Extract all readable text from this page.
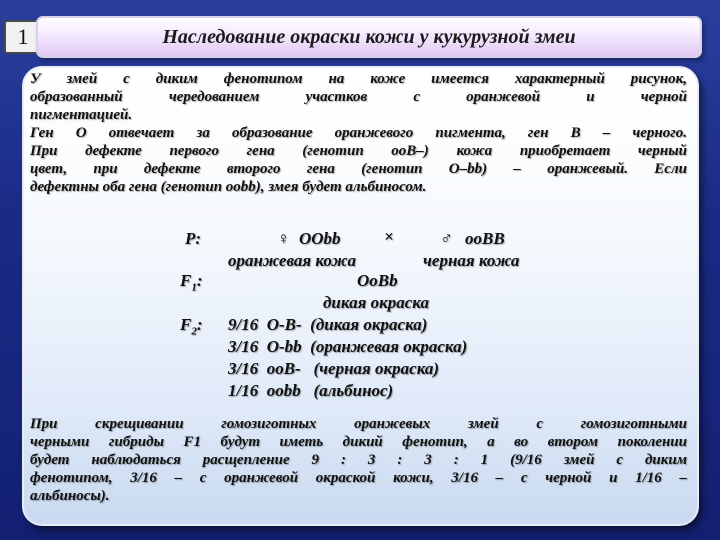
1	Наследование окраски кожи у кукурузной змеи
У змей с диким фенотипом на коже имеется характерный рисунок,
образованный чередованием участков с оранжевой и черной
пигментацией.
Ген O отвечает за образование оранжевого пигмента, ген B – черного.
При дефекте первого гена (генотип ooB–) кожа приобретает черный
цвет, при дефекте второго гена (генотип O–bb) – оранжевый. Если
дефектны оба гена (генотип oobb), змея будет альбиносом.
P:	♀ OObb	×	♂ ooBB
оранжевая кожа	черная кожа
$F_1$:	OoBb
дикая окраска
$F_2$: 9/16  O-B-  (дикая окраска)
3/16  O-bb  (оранжевая окраска)
3/16  ooB-   (черная окраска)
1/16  oobb   (альбинос)
При скрещивании гомозиготных оранжевых змей с гомозиготными
черными гибриды F1 будут иметь дикий фенотип, а во втором поколении
будет наблюдаться расщепление 9 : 3 : 3 : 1 (9/16 змей с диким
фенотипом, 3/16 – с оранжевой окраской кожи, 3/16 – с черной и 1/16 –
альбиносы).
